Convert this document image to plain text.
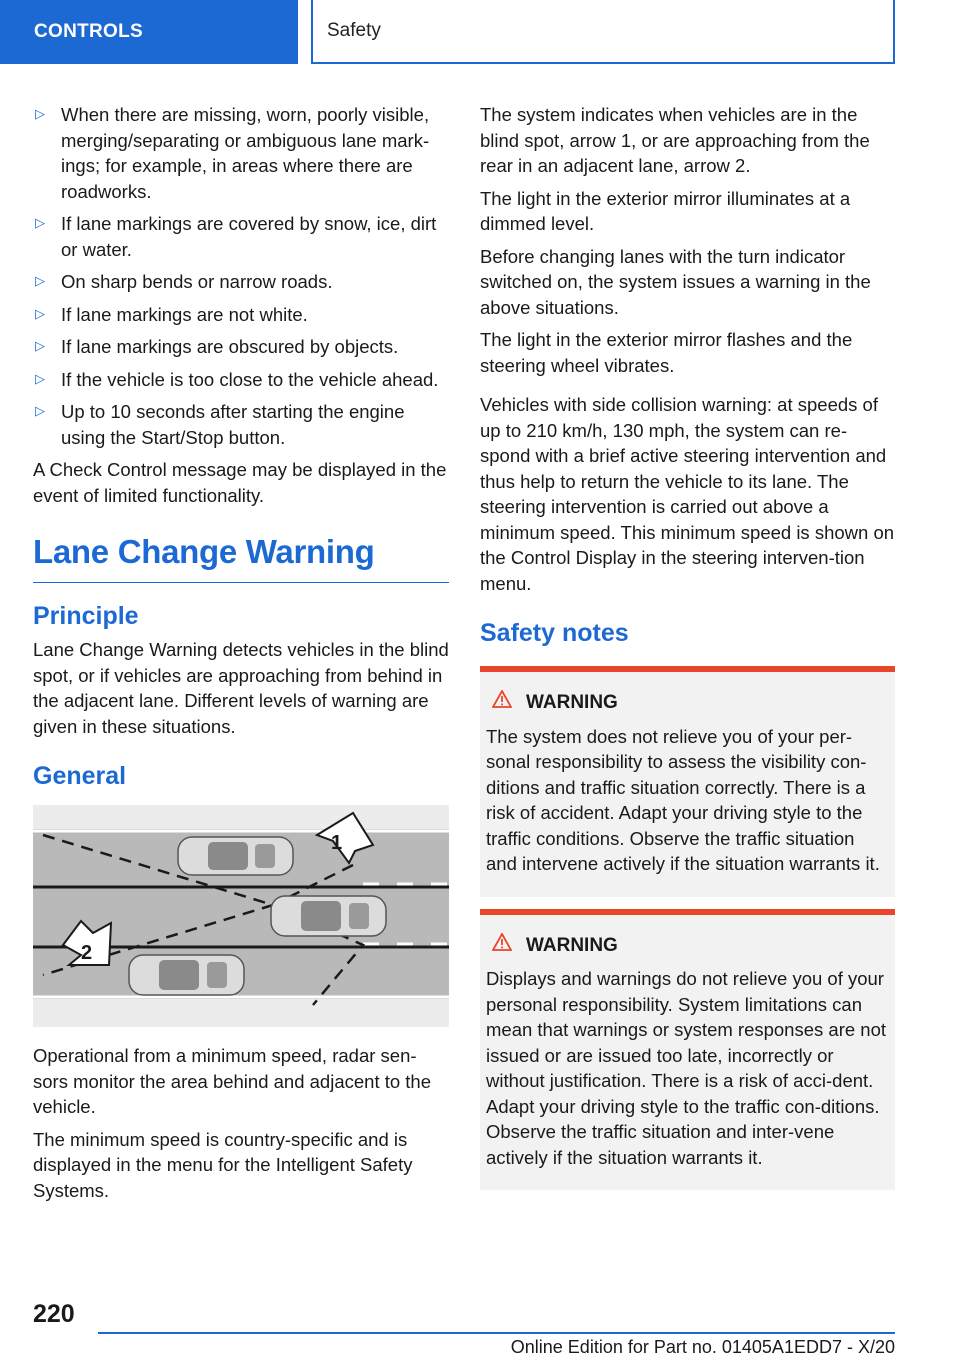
CONTROLS	Safety
▷ When there are missing, worn, poorly visible, merging/separating or ambiguous lane mark-ings; for example, in areas where there are roadworks.
▷ If lane markings are covered by snow, ice, dirt or water.
▷ On sharp bends or narrow roads.
▷ If lane markings are not white.
▷ If lane markings are obscured by objects.
▷ If the vehicle is too close to the vehicle ahead.
▷ Up to 10 seconds after starting the engine using the Start/Stop button.

A Check Control message may be displayed in the event of limited functionality.

Lane Change Warning
Principle

Lane Change Warning detects vehicles in the blind spot, or if vehicles are approaching from behind in the adjacent lane. Different levels of warning are given in these situations.

General
1
2

Operational from a minimum speed, radar sen-sors monitor the area behind and adjacent to the vehicle.

The minimum speed is country-specific and is displayed in the menu for the Intelligent Safety Systems.

The system indicates when vehicles are in the blind spot, arrow 1, or are approaching from the rear in an adjacent lane, arrow 2.

The light in the exterior mirror illuminates at a dimmed level.

Before changing lanes with the turn indicator switched on, the system issues a warning in the above situations.

The light in the exterior mirror flashes and the steering wheel vibrates.

Vehicles with side collision warning: at speeds of up to 210 km/h, 130 mph, the system can re-spond with a brief active steering intervention and thus help to return the vehicle to its lane. The steering intervention is carried out above a minimum speed. This minimum speed is shown on the Control Display in the steering interven-tion menu.

Safety notes
WARNING
The system does not relieve you of your per-sonal responsibility to assess the visibility con-ditions and traffic situation correctly. There is a risk of accident. Adapt your driving style to the traffic conditions. Observe the traffic situation and intervene actively if the situation warrants it.
WARNING
Displays and warnings do not relieve you of your personal responsibility. System limitations can mean that warnings or system responses are not issued or are issued too late, incorrectly or without justification. There is a risk of acci-dent. Adapt your driving style to the traffic con-ditions. Observe the traffic situation and inter-vene actively if the situation warrants it.
220
Online Edition for Part no. 01405A1EDD7 - X/20
